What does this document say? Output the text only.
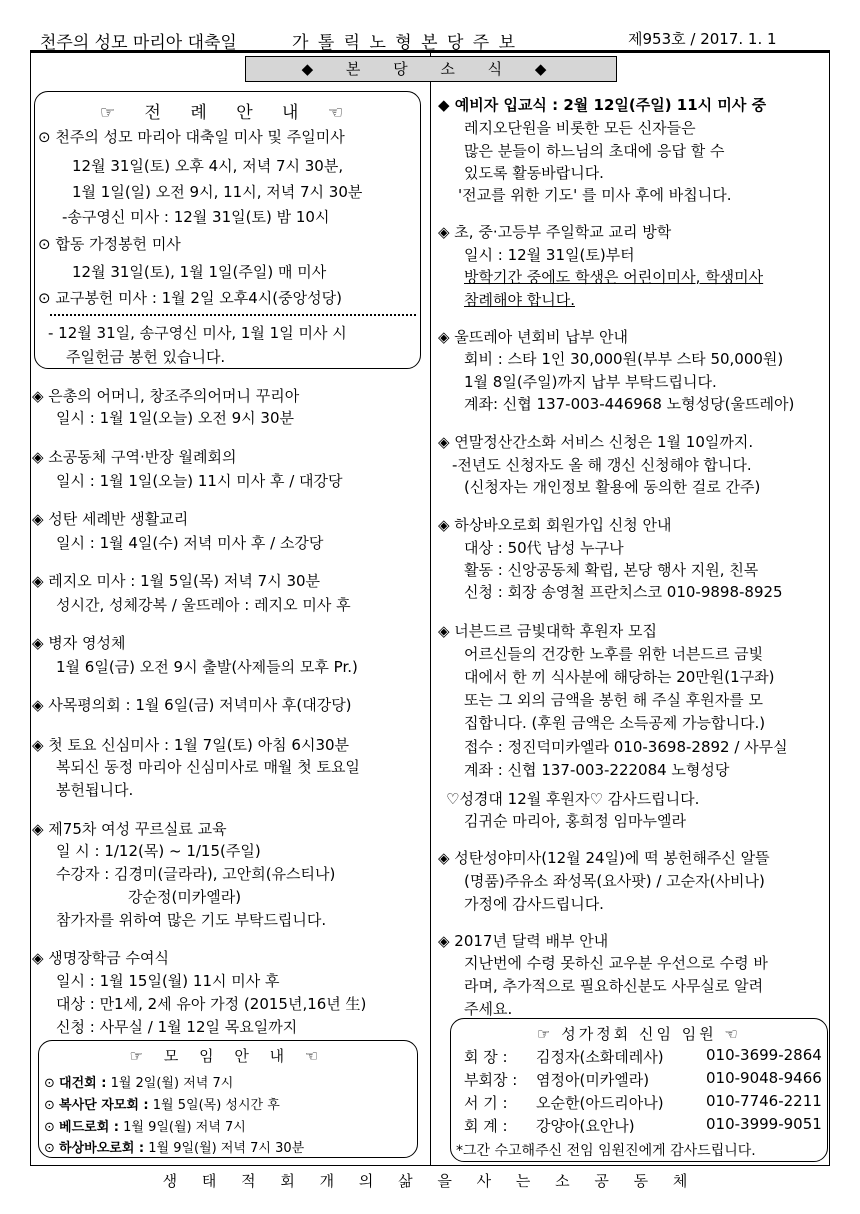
천주의 성모 마리아 대축일	가 톨 릭 노 형 본 당 주 보	제953호 / 2017. 1. 1
◆ 본 당 소 식 ◆
☞ 전 례 안 내 ☜
⊙ 천주의 성모 마리아 대축일 미사 및 주일미사
12월 31일(토) 오후 4시, 저녁 7시 30분,
1월 1일(일) 오전 9시, 11시, 저녁 7시 30분
-송구영신 미사 : 12월 31일(토) 밤 10시
⊙ 합동 가정봉헌 미사
12월 31일(토), 1월 1일(주일) 매 미사
⊙ 교구봉헌 미사 : 1월 2일 오후4시(중앙성당)
- 12월 31일, 송구영신 미사, 1월 1일 미사 시
주일헌금 봉헌 있습니다.
◈ 은총의 어머니, 창조주의어머니 꾸리아
일시 : 1월 1일(오늘) 오전 9시 30분
◈ 소공동체 구역·반장 월례회의
일시 : 1월 1일(오늘) 11시 미사 후 / 대강당
◈ 성탄 세례반 생활교리
일시 : 1월 4일(수) 저녁 미사 후 / 소강당
◈ 레지오 미사 : 1월 5일(목) 저녁 7시 30분
성시간, 성체강복 / 울뜨레아 : 레지오 미사 후
◈ 병자 영성체
1월 6일(금) 오전 9시 출발(사제들의 모후 Pr.)
◈ 사목평의회 : 1월 6일(금) 저녁미사 후(대강당)
◈ 첫 토요 신심미사 : 1월 7일(토) 아침 6시30분
복되신 동정 마리아 신심미사로 매월 첫 토요일
봉헌됩니다.
◈ 제75차 여성 꾸르실료 교육
일 시 : 1/12(목) ~ 1/15(주일)
수강자 : 김경미(글라라), 고안희(유스티나)
강순정(미카엘라)
참가자를 위하여 많은 기도 부탁드립니다.
◈ 생명장학금 수여식
일시 : 1월 15일(월) 11시 미사 후
대상 : 만1세, 2세 유아 가정 (2015년,16년 生)
신청 : 사무실 / 1월 12일 목요일까지
☞ 모 임 안 내 ☜
⊙ 대건회 : 1월 2일(월) 저녁 7시
⊙ 복사단 자모회 : 1월 5일(목) 성시간 후
⊙ 베드로회 : 1월 9일(월) 저녁 7시
⊙ 하상바오로회 : 1월 9일(월) 저녁 7시 30분
◆ 예비자 입교식 : 2월 12일(주일) 11시 미사 중
레지오단원을 비롯한 모든 신자들은
많은 분들이 하느님의 초대에 응답 할 수
있도록 활동바랍니다.
'전교를 위한 기도' 를 미사 후에 바칩니다.
◈ 초, 중·고등부 주일학교 교리 방학
일시 : 12월 31일(토)부터
방학기간 중에도 학생은 어린이미사, 학생미사
참례해야 합니다.
◈ 울뜨레아 년회비 납부 안내
회비 : 스타 1인 30,000원(부부 스타 50,000원)
1월 8일(주일)까지 납부 부탁드립니다.
계좌: 신협 137-003-446968 노형성당(울뜨레아)
◈ 연말정산간소화 서비스 신청은 1월 10일까지.
-전년도 신청자도 올 해 갱신 신청해야 합니다.
(신청자는 개인정보 활용에 동의한 걸로 간주)
◈ 하상바오로회 회원가입 신청 안내
대상 : 50代 남성 누구나
활동 : 신앙공동체 확립, 본당 행사 지원, 친목
신청 : 회장 송영철 프란치스코 010-9898-8925
◈ 너븐드르 금빛대학 후원자 모집
어르신들의 건강한 노후를 위한 너븐드르 금빛
대에서 한 끼 식사분에 해당하는 20만원(1구좌)
또는 그 외의 금액을 봉헌 해 주실 후원자를 모
집합니다. (후원 금액은 소득공제 가능합니다.)
접수 : 정진덕미카엘라 010-3698-2892 / 사무실
계좌 : 신협 137-003-222084 노형성당
♡성경대 12월 후원자♡ 감사드립니다.
김귀순 마리아, 홍희정 임마누엘라
◈ 성탄성야미사(12월 24일)에 떡 봉헌해주신 알뜰
(명품)주유소 좌성목(요사팟) / 고순자(사비나)
가정에 감사드립니다.
◈ 2017년 달력 배부 안내
지난번에 수령 못하신 교우분 우선으로 수령 바
라며, 추가적으로 필요하신분도 사무실로 알려
주세요.
☞ 성가정회 신임 임원 ☜
회 장 : 김정자(소화데레사)	010-3699-2864
부회장 : 염정아(미카엘라)	010-9048-9466
서 기 : 오순한(아드리아나)	010-7746-2211
회 계 : 강양아(요안나)	010-3999-9051
*그간 수고해주신 전임 임원진에게 감사드립니다.
생 태 적 회 개 의 삶 을 사 는 소 공 동 체
